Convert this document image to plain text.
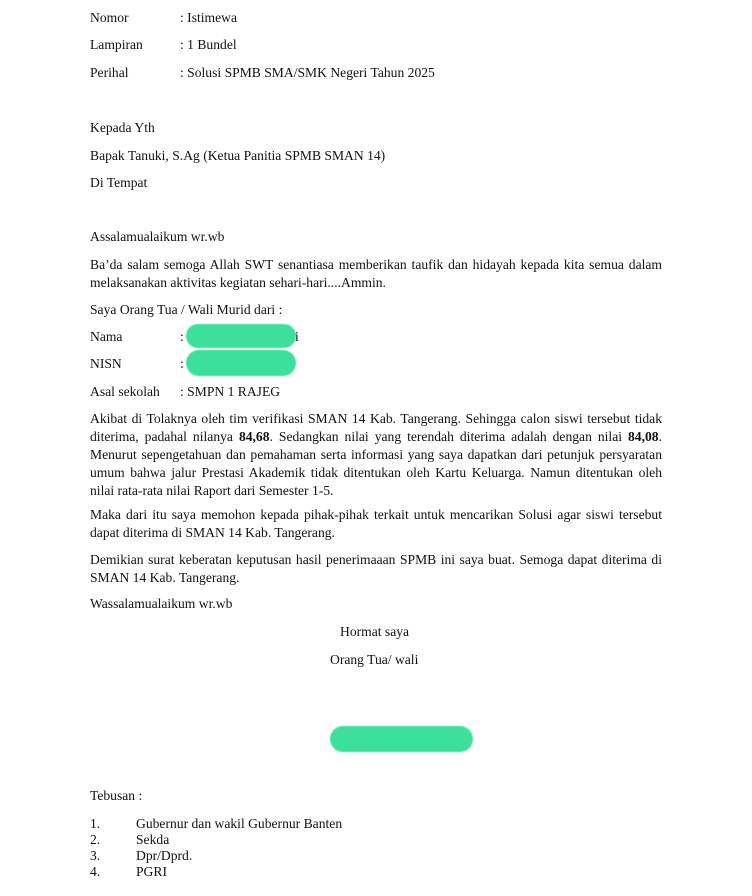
Nomor	: Istimewa
Lampiran	: 1 Bundel
Perihal	: Solusi SPMB SMA/SMK Negeri Tahun 2025
Kepada Yth
Bapak Tanuki, S.Ag (Ketua Panitia SPMB SMAN 14)
Di Tempat
Assalamualaikum wr.wb
Ba’da salam semoga Allah SWT senantiasa memberikan taufik dan hidayah kepada kita semua dalam melaksanakan aktivitas kegiatan sehari-hari....Ammin.
Saya Orang Tua / Wali Murid dari :
Nama	:	i
NISN	:
Asal sekolah : SMPN 1 RAJEG
Akibat di Tolaknya oleh tim verifikasi SMAN 14 Kab. Tangerang. Sehingga calon siswi tersebut tidak diterima, padahal nilanya 84,68. Sedangkan nilai yang terendah diterima adalah dengan nilai 84,08. Menurut sepengetahuan dan pemahaman serta informasi yang saya dapatkan dari petunjuk persyaratan umum bahwa jalur Prestasi Akademik tidak ditentukan oleh Kartu Keluarga. Namun ditentukan oleh nilai rata-rata nilai Raport dari Semester 1-5.
Maka dari itu saya memohon kepada pihak-pihak terkait untuk mencarikan Solusi agar siswi tersebut dapat diterima di SMAN 14 Kab. Tangerang.
Demikian surat keberatan keputusan hasil penerimaaan SPMB ini saya buat. Semoga dapat diterima di SMAN 14 Kab. Tangerang.
Wassalamualaikum wr.wb
Hormat saya
Orang Tua/ wali
Tebusan :
1.	Gubernur dan wakil Gubernur Banten
2.	Sekda
3.	Dpr/Dprd.
4.	PGRI
